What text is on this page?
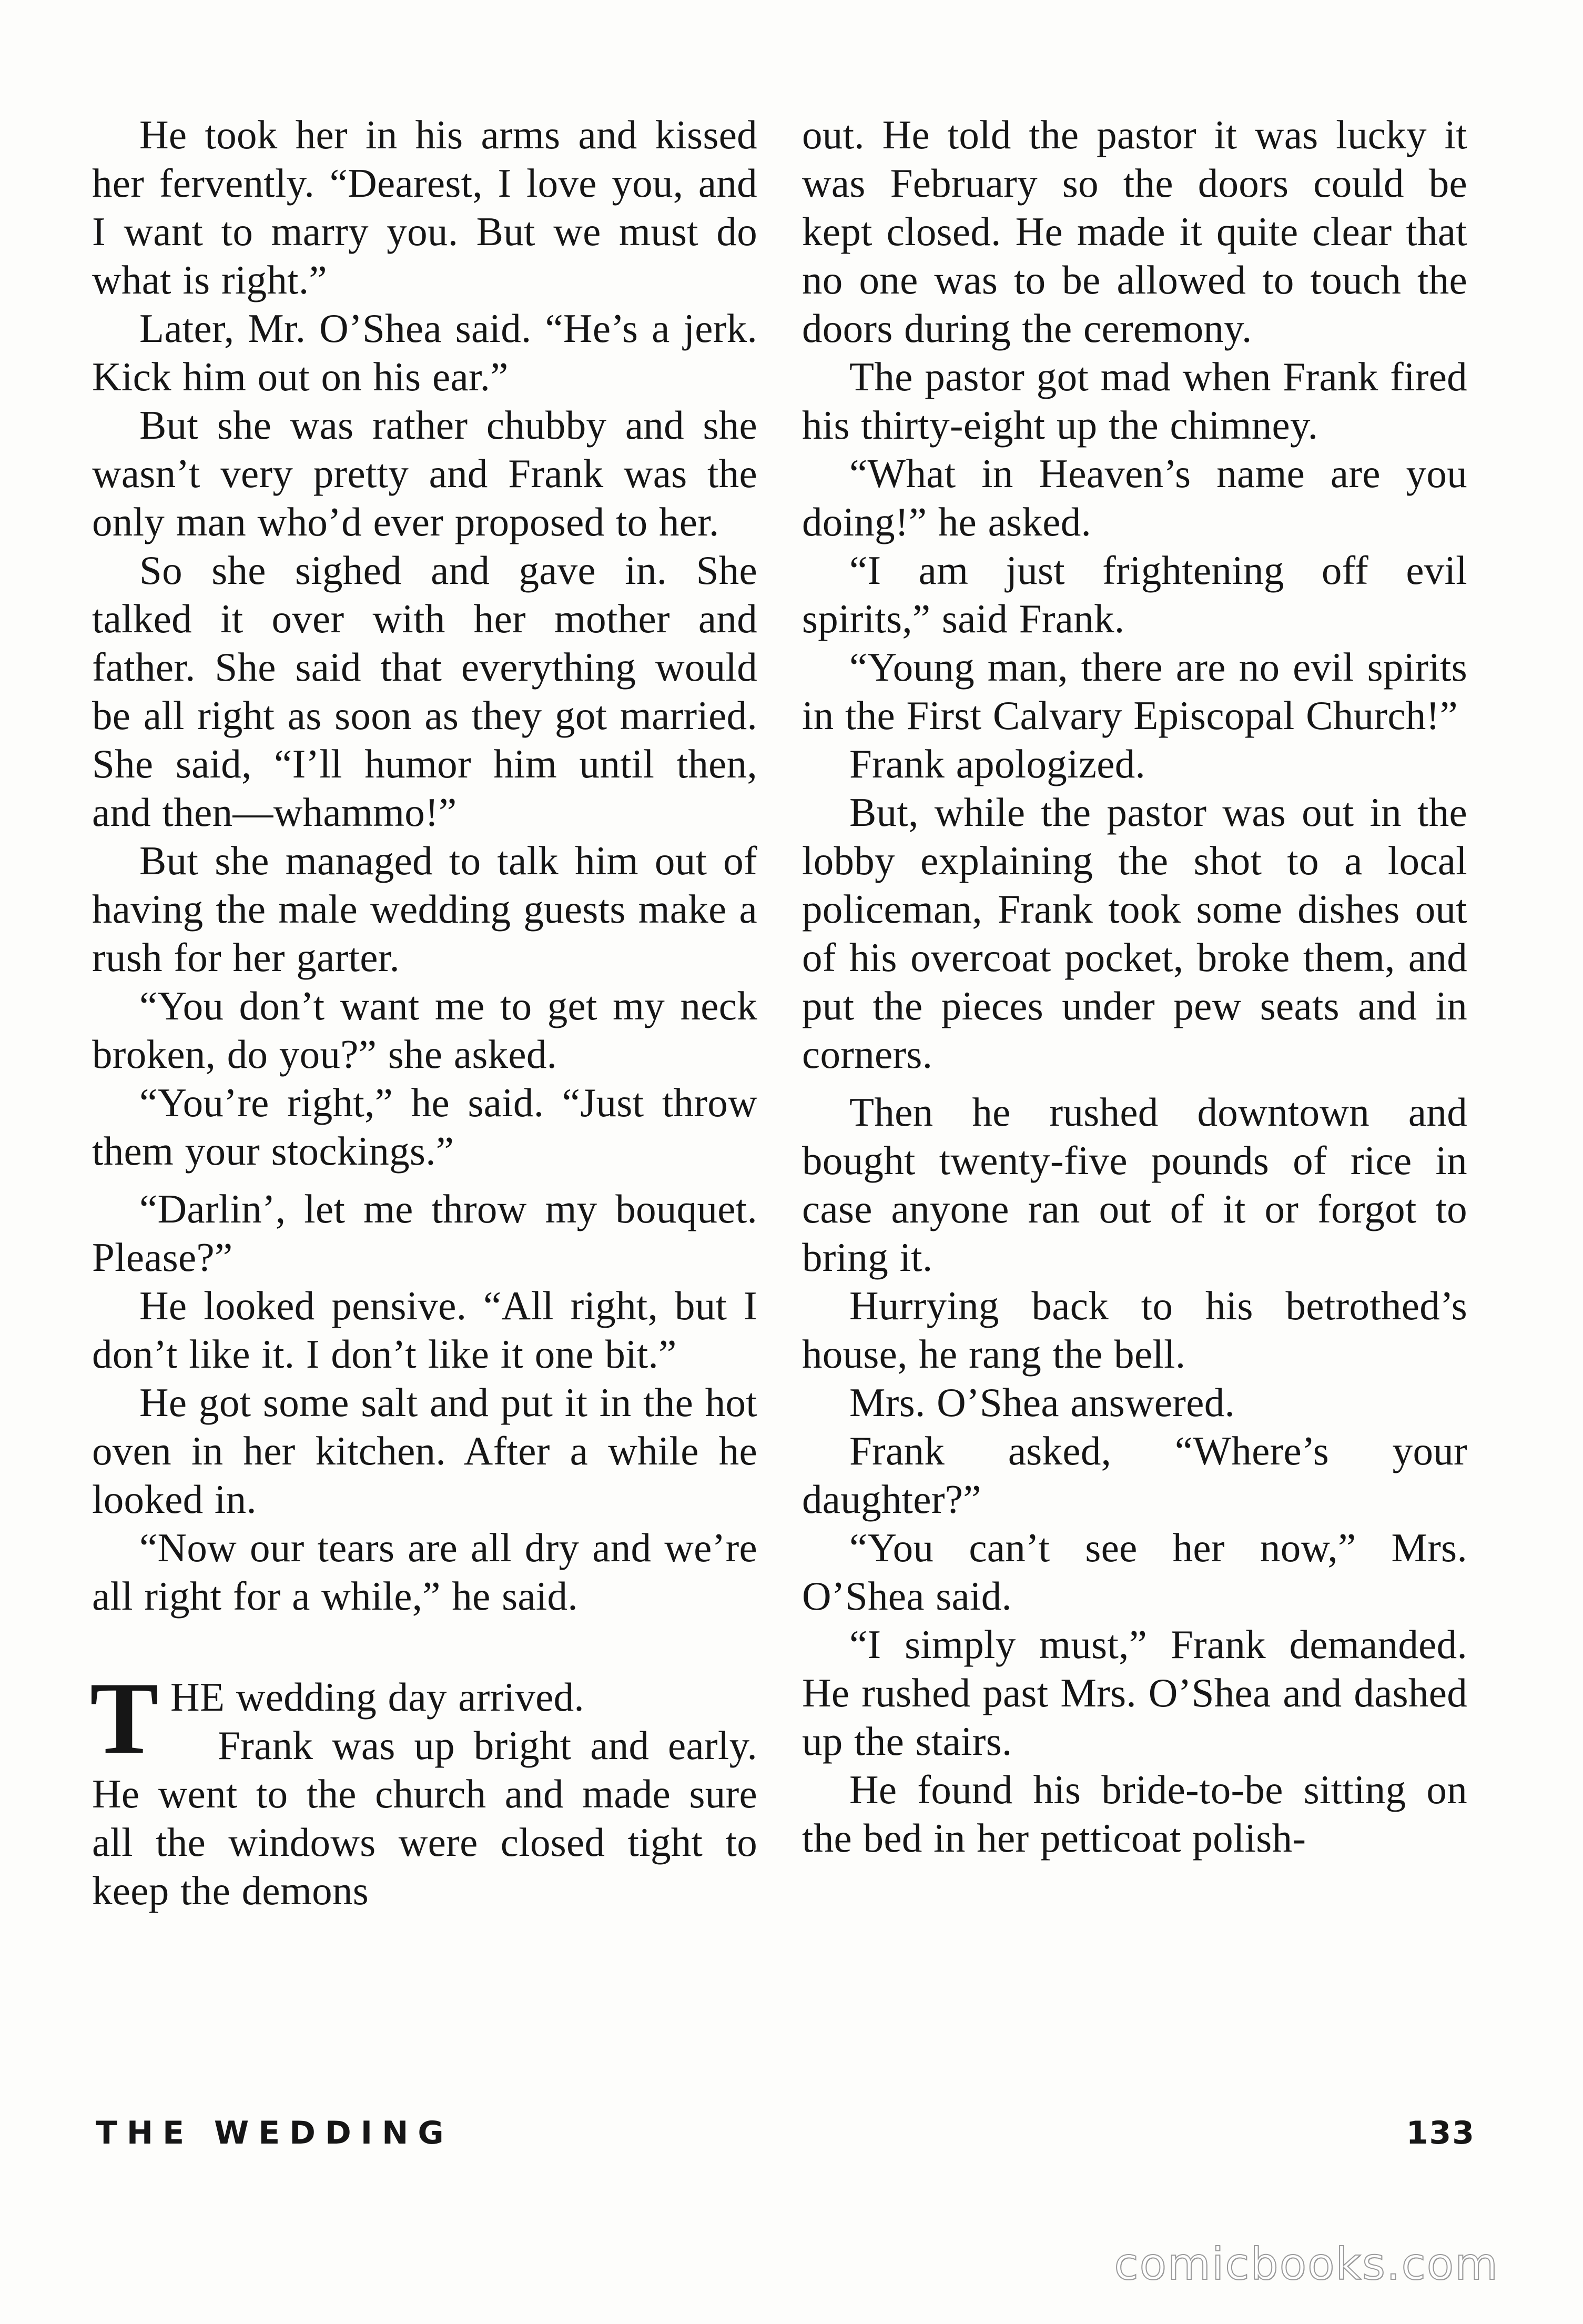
He took her in his arms and kissed her fervently. “Dearest, I love you, and I want to marry you. But we must do what is right.”

Later, Mr. O’Shea said. “He’s a jerk. Kick him out on his ear.”

But she was rather chubby and she wasn’t very pretty and Frank was the only man who’d ever proposed to her.

So she sighed and gave in. She talked it over with her mother and father. She said that everything would be all right as soon as they got married. She said, “I’ll humor him until then, and then—whammo!”

But she managed to talk him out of having the male wedding guests make a rush for her garter.

“You don’t want me to get my neck broken, do you?” she asked.

“You’re right,” he said. “Just throw them your stockings.”

“Darlin’, let me throw my bouquet. Please?”

He looked pensive. “All right, but I don’t like it. I don’t like it one bit.”

He got some salt and put it in the hot oven in her kitchen. After a while he looked in.

“Now our tears are all dry and we’re all right for a while,” he said.

T HE wedding day arrived.

Frank was up bright and early. He went to the church and made sure all the windows were closed tight to keep the demons

out. He told the pastor it was lucky it was February so the doors could be kept closed. He made it quite clear that no one was to be allowed to touch the doors during the ceremony.

The pastor got mad when Frank fired his thirty-eight up the chimney.

“What in Heaven’s name are you doing!” he asked.

“I am just frightening off evil spirits,” said Frank.

“Young man, there are no evil spirits in the First Calvary Episcopal Church!”

Frank apologized.

But, while the pastor was out in the lobby explaining the shot to a local policeman, Frank took some dishes out of his overcoat pocket, broke them, and put the pieces under pew seats and in corners.

Then he rushed downtown and bought twenty-five pounds of rice in case anyone ran out of it or forgot to bring it.

Hurrying back to his betrothed’s house, he rang the bell.

Mrs. O’Shea answered.

Frank asked, “Where’s your daughter?”

“You can’t see her now,” Mrs. O’Shea said.

“I simply must,” Frank demanded. He rushed past Mrs. O’Shea and dashed up the stairs.

He found his bride-to-be sitting on the bed in her petticoat polish-

THE WEDDING	133
comicbooks.com
